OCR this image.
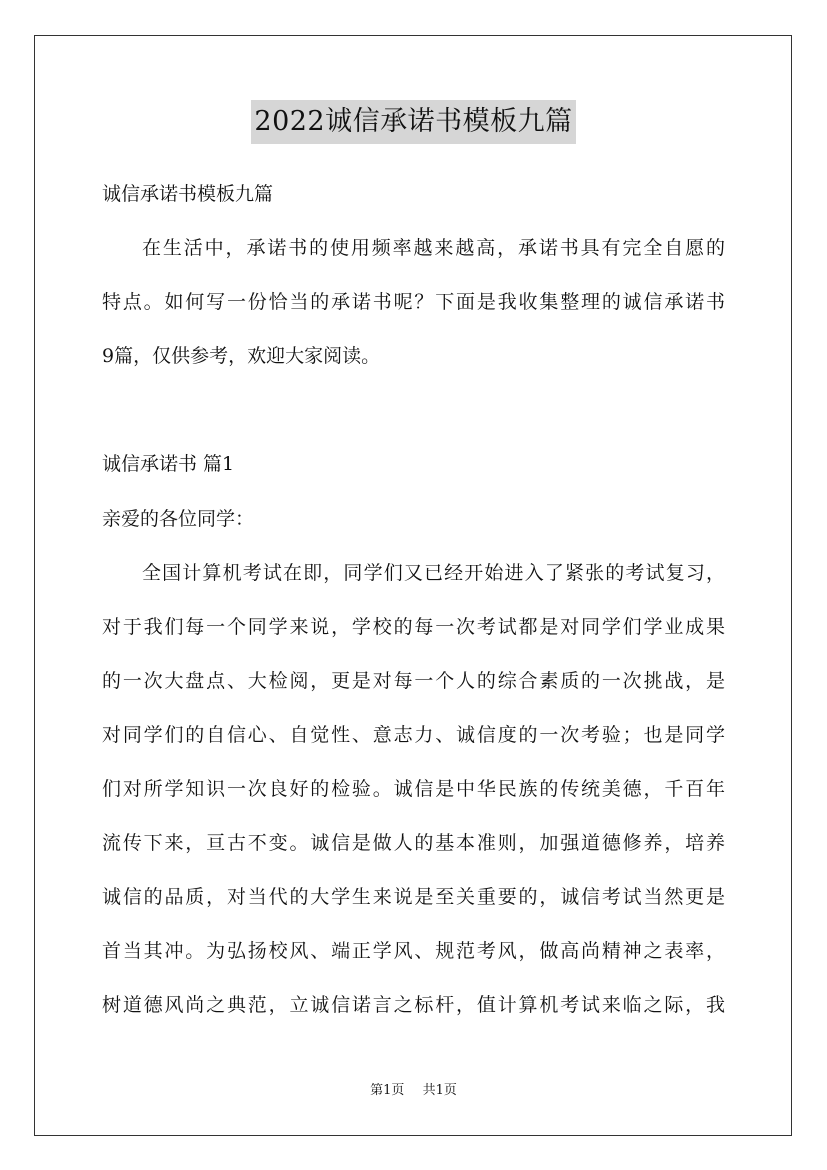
2022诚信承诺书模板九篇
诚信承诺书模板九篇
在生活中，承诺书的使用频率越来越高，承诺书具有完全自愿的
特点。如何写一份恰当的承诺书呢？下面是我收集整理的诚信承诺书
9篇，仅供参考，欢迎大家阅读。
诚信承诺书 篇1
亲爱的各位同学：
全国计算机考试在即，同学们又已经开始进入了紧张的考试复习，
对于我们每一个同学来说，学校的每一次考试都是对同学们学业成果
的一次大盘点、大检阅，更是对每一个人的综合素质的一次挑战，是
对同学们的自信心、自觉性、意志力、诚信度的一次考验；也是同学
们对所学知识一次良好的检验。诚信是中华民族的传统美德，千百年
流传下来，亘古不变。诚信是做人的基本准则，加强道德修养，培养
诚信的品质，对当代的大学生来说是至关重要的，诚信考试当然更是
首当其冲。为弘扬校风、端正学风、规范考风，做高尚精神之表率，
树道德风尚之典范，立诚信诺言之标杆，值计算机考试来临之际，我
第1页 共1页
